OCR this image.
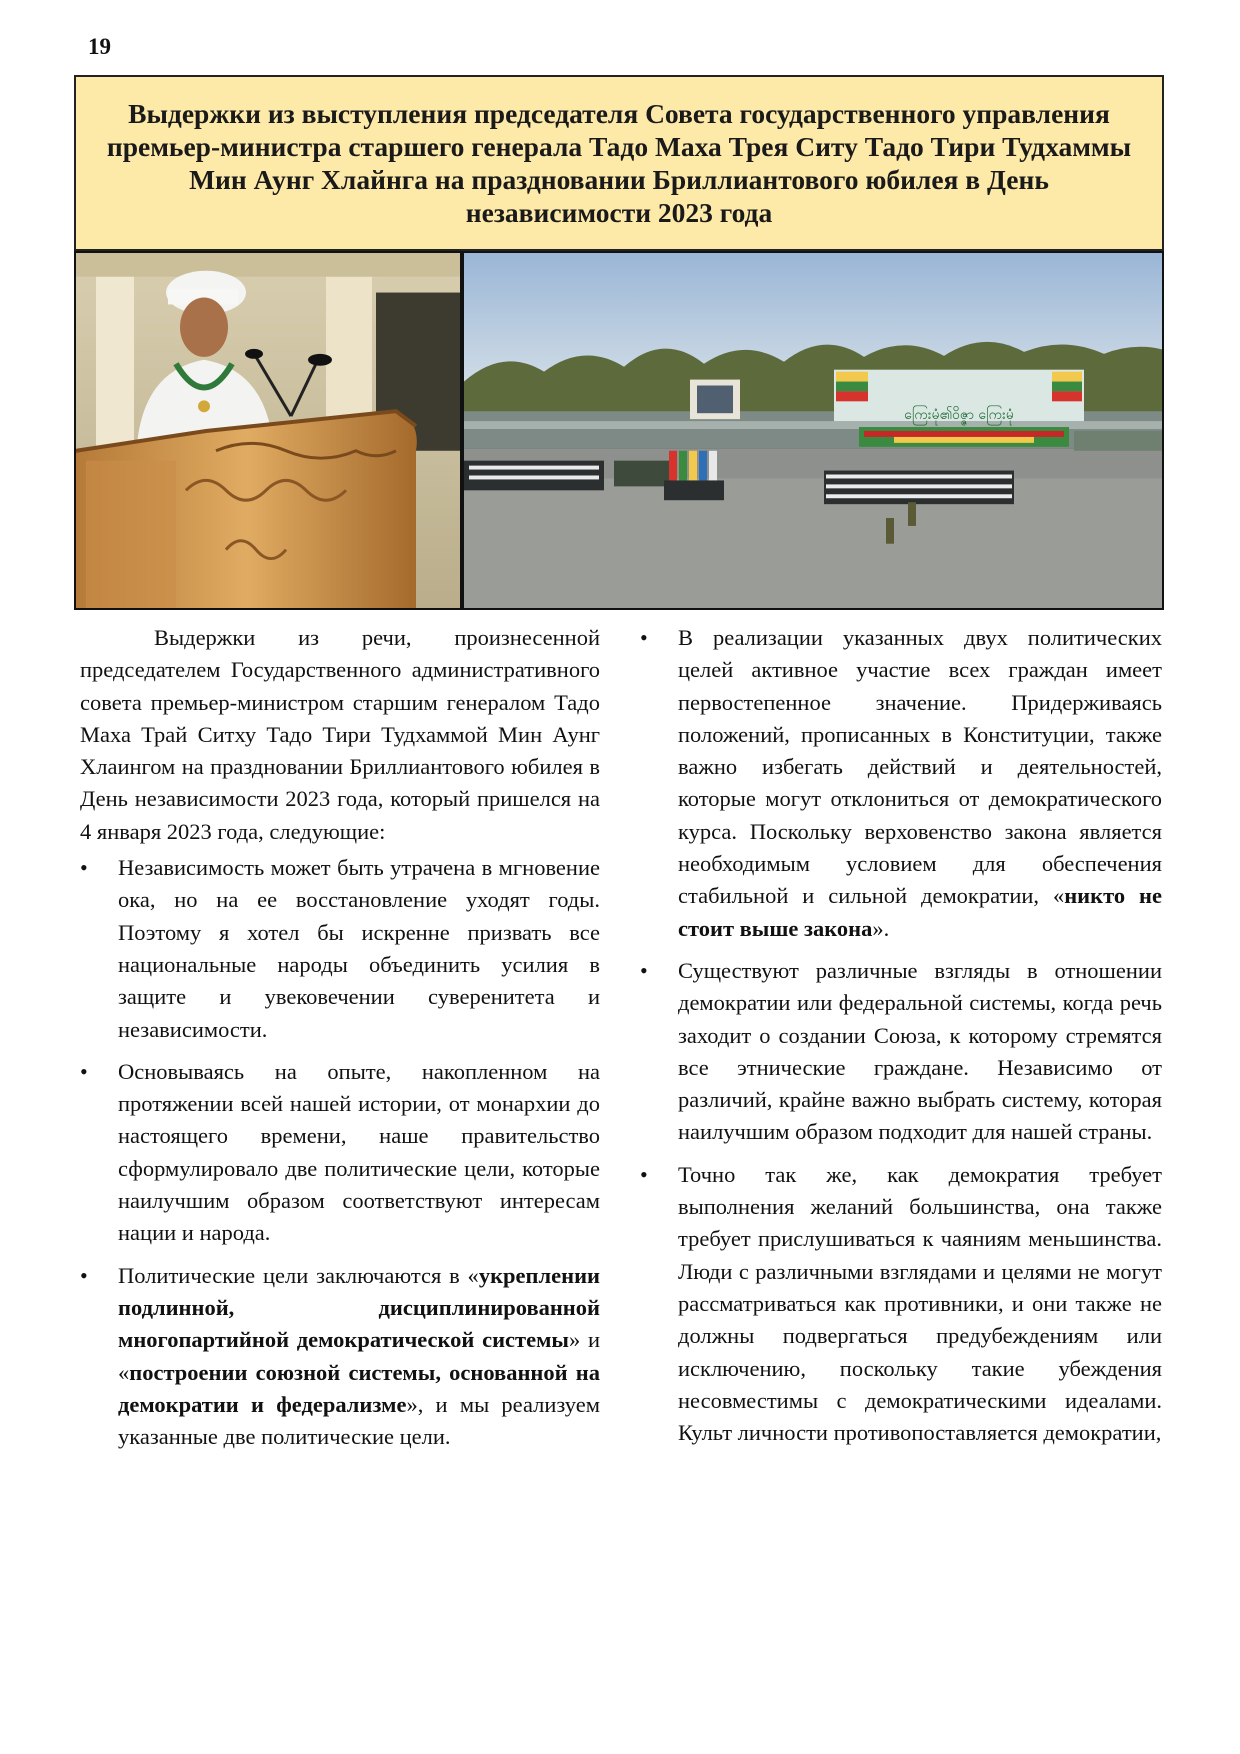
19
Выдержки из выступления председателя Совета государственного управления премьер-министра старшего генерала Тадо Маха Трея Ситу Тадо Тири Тудхаммы Мин Аунг Хлайнга на праздновании Бриллиантового юбилея в День независимости 2023 года
ကြေးမုံ၏ဝိဇ္ဇာ ကြေးမုံ

Выдержки из речи, произнесенной председателем Государственного административного совета премьер-министром старшим генералом Тадо Маха Трай Ситху Тадо Тири Тудхаммой Мин Аунг Хлаингом на праздновании Бриллиантового юбилея в День независимости 2023 года, который пришелся на 4 января 2023 года, следующие:

• Независимость может быть утрачена в мгновение ока, но на ее восстановление уходят годы. Поэтому я хотел бы искренне призвать все национальные народы объединить усилия в защите и увековечении суверенитета и независимости.
• Основываясь на опыте, накопленном на протяжении всей нашей истории, от монархии до настоящего времени, наше правительство сформулировало две политические цели, которые наилучшим образом соответствуют интересам нации и народа.
• Политические цели заключаются в «укреплении подлинной, дисциплинированной многопартийной демократической системы» и «построении союзной системы, основанной на демократии и федерализме», и мы реализуем указанные две политические цели.
• В реализации указанных двух политических целей активное участие всех граждан имеет первостепенное значение. Придерживаясь положений, прописанных в Конституции, также важно избегать действий и деятельностей, которые могут отклониться от демократического курса. Поскольку верховенство закона является необходимым условием для обеспечения стабильной и сильной демократии, «никто не стоит выше закона».
• Существуют различные взгляды в отношении демократии или федеральной системы, когда речь заходит о создании Союза, к которому стремятся все этнические граждане. Независимо от различий, крайне важно выбрать систему, которая наилучшим образом подходит для нашей страны.
• Точно так же, как демократия требует выполнения желаний большинства, она также требует прислушиваться к чаяниям меньшинства. Люди с различными взглядами и целями не могут рассматриваться как противники, и они также не должны подвергаться предубеждениям или исключению, поскольку такие убеждения несовместимы с демократическими идеалами. Культ личности противопоставляется демократии,
